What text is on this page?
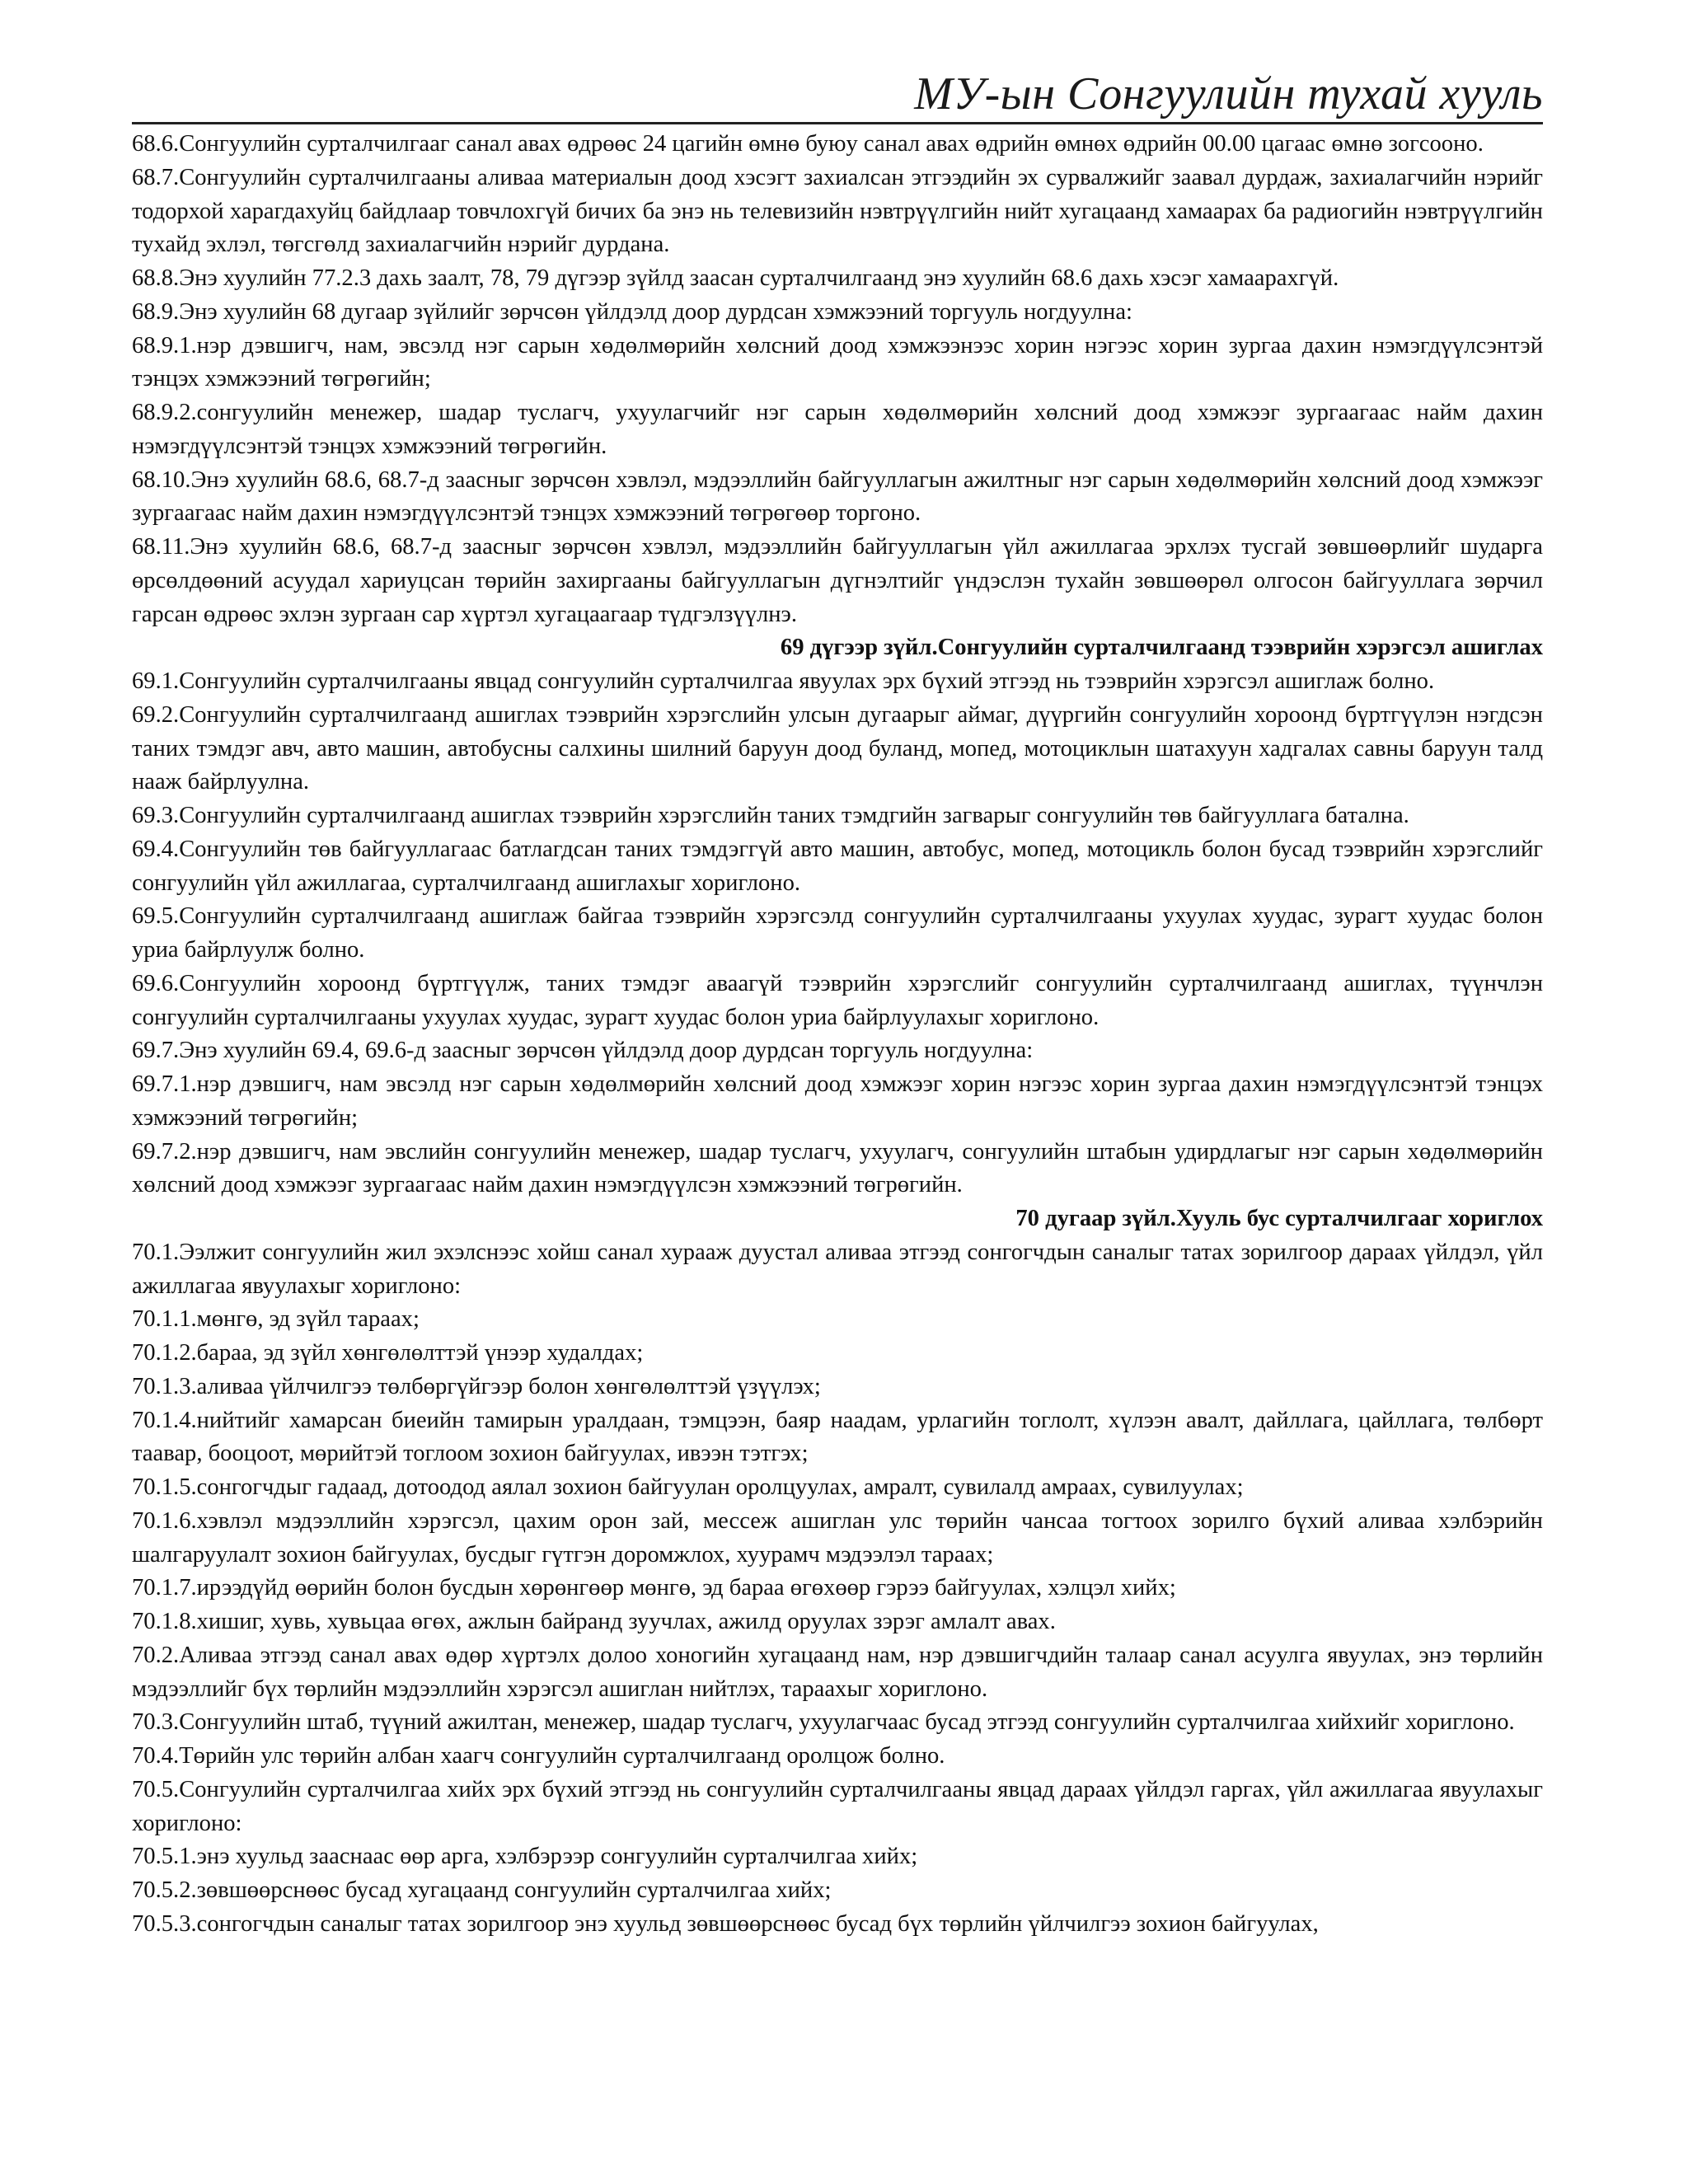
МУ-ын Сонгуулийн тухай хууль

68.6.Сонгуулийн сурталчилгааг санал авах өдрөөс 24 цагийн өмнө буюу санал авах өдрийн өмнөх өдрийн 00.00 цагаас өмнө зогсооно.

68.7.Сонгуулийн сурталчилгааны аливаа материалын доод хэсэгт захиалсан этгээдийн эх сурвалжийг заавал дурдаж, захиалагчийн нэрийг тодорхой харагдахуйц байдлаар товчлохгүй бичих ба энэ нь телевизийн нэвтрүүлгийн нийт хугацаанд хамаарах ба радиогийн нэвтрүүлгийн тухайд эхлэл, төгсгөлд захиалагчийн нэрийг дурдана.

68.8.Энэ хуулийн 77.2.3 дахь заалт, 78, 79 дүгээр зүйлд заасан сурталчилгаанд энэ хуулийн 68.6 дахь хэсэг хамаарахгүй.

68.9.Энэ хуулийн 68 дугаар зүйлийг зөрчсөн үйлдэлд доор дурдсан хэмжээний торгууль ногдуулна:

68.9.1.нэр дэвшигч, нам, эвсэлд нэг сарын хөдөлмөрийн хөлсний доод хэмжээнээс хорин нэгээс хорин зургаа дахин нэмэгдүүлсэнтэй тэнцэх хэмжээний төгрөгийн;

68.9.2.сонгуулийн менежер, шадар туслагч, ухуулагчийг нэг сарын хөдөлмөрийн хөлсний доод хэмжээг зургаагаас найм дахин нэмэгдүүлсэнтэй тэнцэх хэмжээний төгрөгийн.

68.10.Энэ хуулийн 68.6, 68.7-д заасныг зөрчсөн хэвлэл, мэдээллийн байгууллагын ажилтныг нэг сарын хөдөлмөрийн хөлсний доод хэмжээг зургаагаас найм дахин нэмэгдүүлсэнтэй тэнцэх хэмжээний төгрөгөөр торгоно.

68.11.Энэ хуулийн 68.6, 68.7-д заасныг зөрчсөн хэвлэл, мэдээллийн байгууллагын үйл ажиллагаа эрхлэх тусгай зөвшөөрлийг шударга өрсөлдөөний асуудал хариуцсан төрийн захиргааны байгууллагын дүгнэлтийг үндэслэн тухайн зөвшөөрөл олгосон байгууллага зөрчил гарсан өдрөөс эхлэн зургаан сар хүртэл хугацаагаар түдгэлзүүлнэ.

69 дүгээр зүйл.Сонгуулийн сурталчилгаанд тээврийн хэрэгсэл ашиглах

69.1.Сонгуулийн сурталчилгааны явцад сонгуулийн сурталчилгаа явуулах эрх бүхий этгээд нь тээврийн хэрэгсэл ашиглаж болно.

69.2.Сонгуулийн сурталчилгаанд ашиглах тээврийн хэрэгслийн улсын дугаарыг аймаг, дүүргийн сонгуулийн хороонд бүртгүүлэн нэгдсэн таних тэмдэг авч, авто машин, автобусны салхины шилний баруун доод буланд, мопед, мотоциклын шатахуун хадгалах савны баруун талд нааж байрлуулна.

69.3.Сонгуулийн сурталчилгаанд ашиглах тээврийн хэрэгслийн таних тэмдгийн загварыг сонгуулийн төв байгууллага батална.

69.4.Сонгуулийн төв байгууллагаас батлагдсан таних тэмдэггүй авто машин, автобус, мопед, мотоцикль болон бусад тээврийн хэрэгслийг сонгуулийн үйл ажиллагаа, сурталчилгаанд ашиглахыг хориглоно.

69.5.Сонгуулийн сурталчилгаанд ашиглаж байгаа тээврийн хэрэгсэлд сонгуулийн сурталчилгааны ухуулах хуудас, зурагт хуудас болон уриа байрлуулж болно.

69.6.Сонгуулийн хороонд бүртгүүлж, таних тэмдэг аваагүй тээврийн хэрэгслийг сонгуулийн сурталчилгаанд ашиглах, түүнчлэн сонгуулийн сурталчилгааны ухуулах хуудас, зурагт хуудас болон уриа байрлуулахыг хориглоно.

69.7.Энэ хуулийн 69.4, 69.6-д заасныг зөрчсөн үйлдэлд доор дурдсан торгууль ногдуулна:

69.7.1.нэр дэвшигч, нам эвсэлд нэг сарын хөдөлмөрийн хөлсний доод хэмжээг хорин нэгээс хорин зургаа дахин нэмэгдүүлсэнтэй тэнцэх хэмжээний төгрөгийн;

69.7.2.нэр дэвшигч, нам эвслийн сонгуулийн менежер, шадар туслагч, ухуулагч, сонгуулийн штабын удирдлагыг нэг сарын хөдөлмөрийн хөлсний доод хэмжээг зургаагаас найм дахин нэмэгдүүлсэн хэмжээний төгрөгийн.

70 дугаар зүйл.Хууль бус сурталчилгааг хориглох

70.1.Ээлжит сонгуулийн жил эхэлснээс хойш санал хурааж дуустал аливаа этгээд сонгогчдын саналыг татах зорилгоор дараах үйлдэл, үйл ажиллагаа явуулахыг хориглоно:

70.1.1.мөнгө, эд зүйл тараах;

70.1.2.бараа, эд зүйл хөнгөлөлттэй үнээр худалдах;

70.1.3.аливаа үйлчилгээ төлбөргүйгээр болон хөнгөлөлттэй үзүүлэх;

70.1.4.нийтийг хамарсан биеийн тамирын уралдаан, тэмцээн, баяр наадам, урлагийн тоглолт, хүлээн авалт, дайллага, цайллага, төлбөрт таавар, бооцоот, мөрийтэй тоглоом зохион байгуулах, ивээн тэтгэх;

70.1.5.сонгогчдыг гадаад, дотоодод аялал зохион байгуулан оролцуулах, амралт, сувилалд амраах, сувилуулах;

70.1.6.хэвлэл мэдээллийн хэрэгсэл, цахим орон зай, мессеж ашиглан улс төрийн чансаа тогтоох зорилго бүхий аливаа хэлбэрийн шалгаруулалт зохион байгуулах, бусдыг гүтгэн доромжлох, хуурамч мэдээлэл тараах;

70.1.7.ирээдүйд өөрийн болон бусдын хөрөнгөөр мөнгө, эд бараа өгөхөөр гэрээ байгуулах, хэлцэл хийх;

70.1.8.хишиг, хувь, хувьцаа өгөх, ажлын байранд зуучлах, ажилд оруулах зэрэг амлалт авах.

70.2.Аливаа этгээд санал авах өдөр хүртэлх долоо хоногийн хугацаанд нам, нэр дэвшигчдийн талаар санал асуулга явуулах, энэ төрлийн мэдээллийг бүх төрлийн мэдээллийн хэрэгсэл ашиглан нийтлэх, тараахыг хориглоно.

70.3.Сонгуулийн штаб, түүний ажилтан, менежер, шадар туслагч, ухуулагчаас бусад этгээд сонгуулийн сурталчилгаа хийхийг хориглоно.

70.4.Төрийн улс төрийн албан хаагч сонгуулийн сурталчилгаанд оролцож болно.

70.5.Сонгуулийн сурталчилгаа хийх эрх бүхий этгээд нь сонгуулийн сурталчилгааны явцад дараах үйлдэл гаргах, үйл ажиллагаа явуулахыг хориглоно:

70.5.1.энэ хуульд зааснаас өөр арга, хэлбэрээр сонгуулийн сурталчилгаа хийх;

70.5.2.зөвшөөрснөөс бусад хугацаанд сонгуулийн сурталчилгаа хийх;

70.5.3.сонгогчдын саналыг татах зорилгоор энэ хуульд зөвшөөрснөөс бусад бүх төрлийн үйлчилгээ зохион байгуулах,
